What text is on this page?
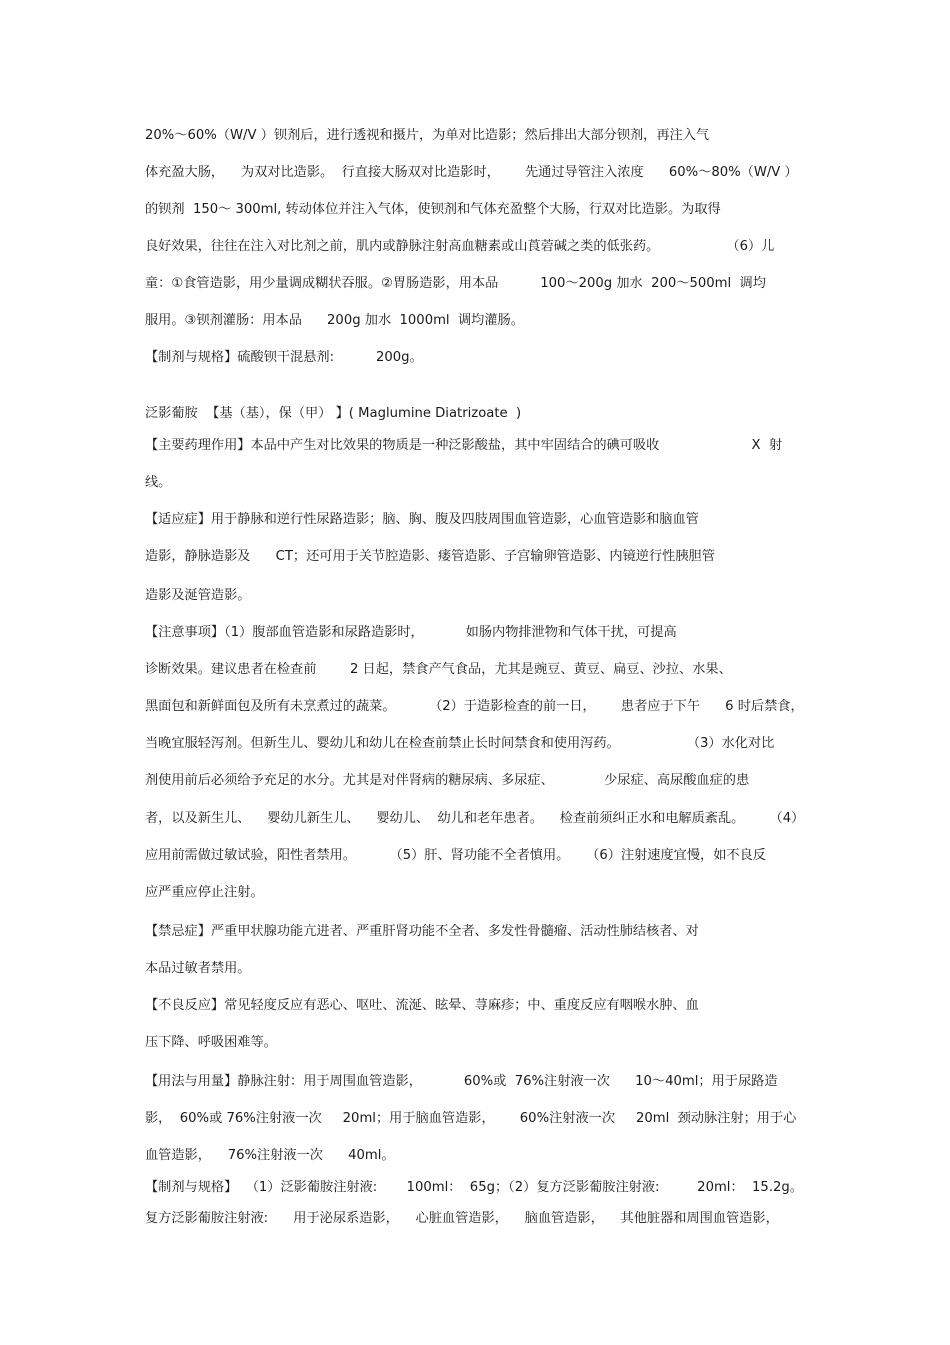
20%～60%（W/V ）钡剂后，进行透视和摄片，为单对比造影；然后排出大部分钡剂，再注入气
体充盈大肠，    为双对比造影。  行直接大肠双对比造影时，      先通过导管注入浓度      60%～80%（W/V ）
的钡剂  150～ 300ml, 转动体位并注入气体，使钡剂和气体充盈整个大肠，行双对比造影。为取得
良好效果，往往在注入对比剂之前，肌内或静脉注射高血糖素或山莨菪碱之类的低张药。                （6）儿
童：①食管造影，用少量调成糊状吞服。②胃肠造影，用本品          100～200g 加水  200～500ml  调均
服用。③钡剂灌肠：用本品      200g 加水  1000ml  调均灌肠。
【制剂与规格】硫酸钡干混悬剂:          200g。
泛影葡胺  【基（基），保（甲） 】( Maglumine Diatrizoate  )
【主要药理作用】本品中产生对比效果的物质是一种泛影酸盐，其中牢固结合的碘可吸收                      X  射
线。
【适应症】用于静脉和逆行性尿路造影；脑、胸、腹及四肢周围血管造影，心血管造影和脑血管
造影，静脉造影及      CT；还可用于关节腔造影、瘘管造影、子宫输卵管造影、内镜逆行性胰胆管
造影及涎管造影。
【注意事项】（1）腹部血管造影和尿路造影时，          如肠内物排泄物和气体干扰，可提高
诊断效果。建议患者在检查前        2 日起，禁食产气食品，尤其是豌豆、黄豆、扁豆、沙拉、水果、
黑面包和新鲜面包及所有未烹煮过的蔬菜。        （2）于造影检查的前一日，      患者应于下午      6 时后禁食，
当晚宜服轻泻剂。但新生儿、婴幼儿和幼儿在检查前禁止长时间禁食和使用泻药。                （3）水化对比
剂使用前后必须给予充足的水分。尤其是对伴肾病的糖尿病、多尿症、            少尿症、高尿酸血症的患
者，以及新生儿、    婴幼儿新生儿、    婴幼儿、  幼儿和老年患者。    检查前须纠正水和电解质紊乱。      （4）
应用前需做过敏试验，阳性者禁用。        （5）肝、肾功能不全者慎用。    （6）注射速度宜慢，如不良反
应严重应停止注射。
【禁忌症】严重甲状腺功能亢进者、严重肝肾功能不全者、多发性骨髓瘤、活动性肺结核者、对
本品过敏者禁用。
【不良反应】常见轻度反应有恶心、呕吐、流涎、眩晕、荨麻疹；中、重度反应有咽喉水肿、血
压下降、呼吸困难等。
【用法与用量】静脉注射：用于周围血管造影，          60%或  76%注射液一次      10～40ml；用于尿路造
影，  60%或 76%注射液一次     20ml；用于脑血管造影，      60%注射液一次     20ml  颈动脉注射；用于心
血管造影，    76%注射液一次      40ml。
【制剂与规格】  （1）泛影葡胺注射液:       100ml：  65g；（2）复方泛影葡胺注射液:         20ml：  15.2g。
复方泛影葡胺注射液:      用于泌尿系造影，    心脏血管造影，    脑血管造影，    其他脏器和周围血管造影，
